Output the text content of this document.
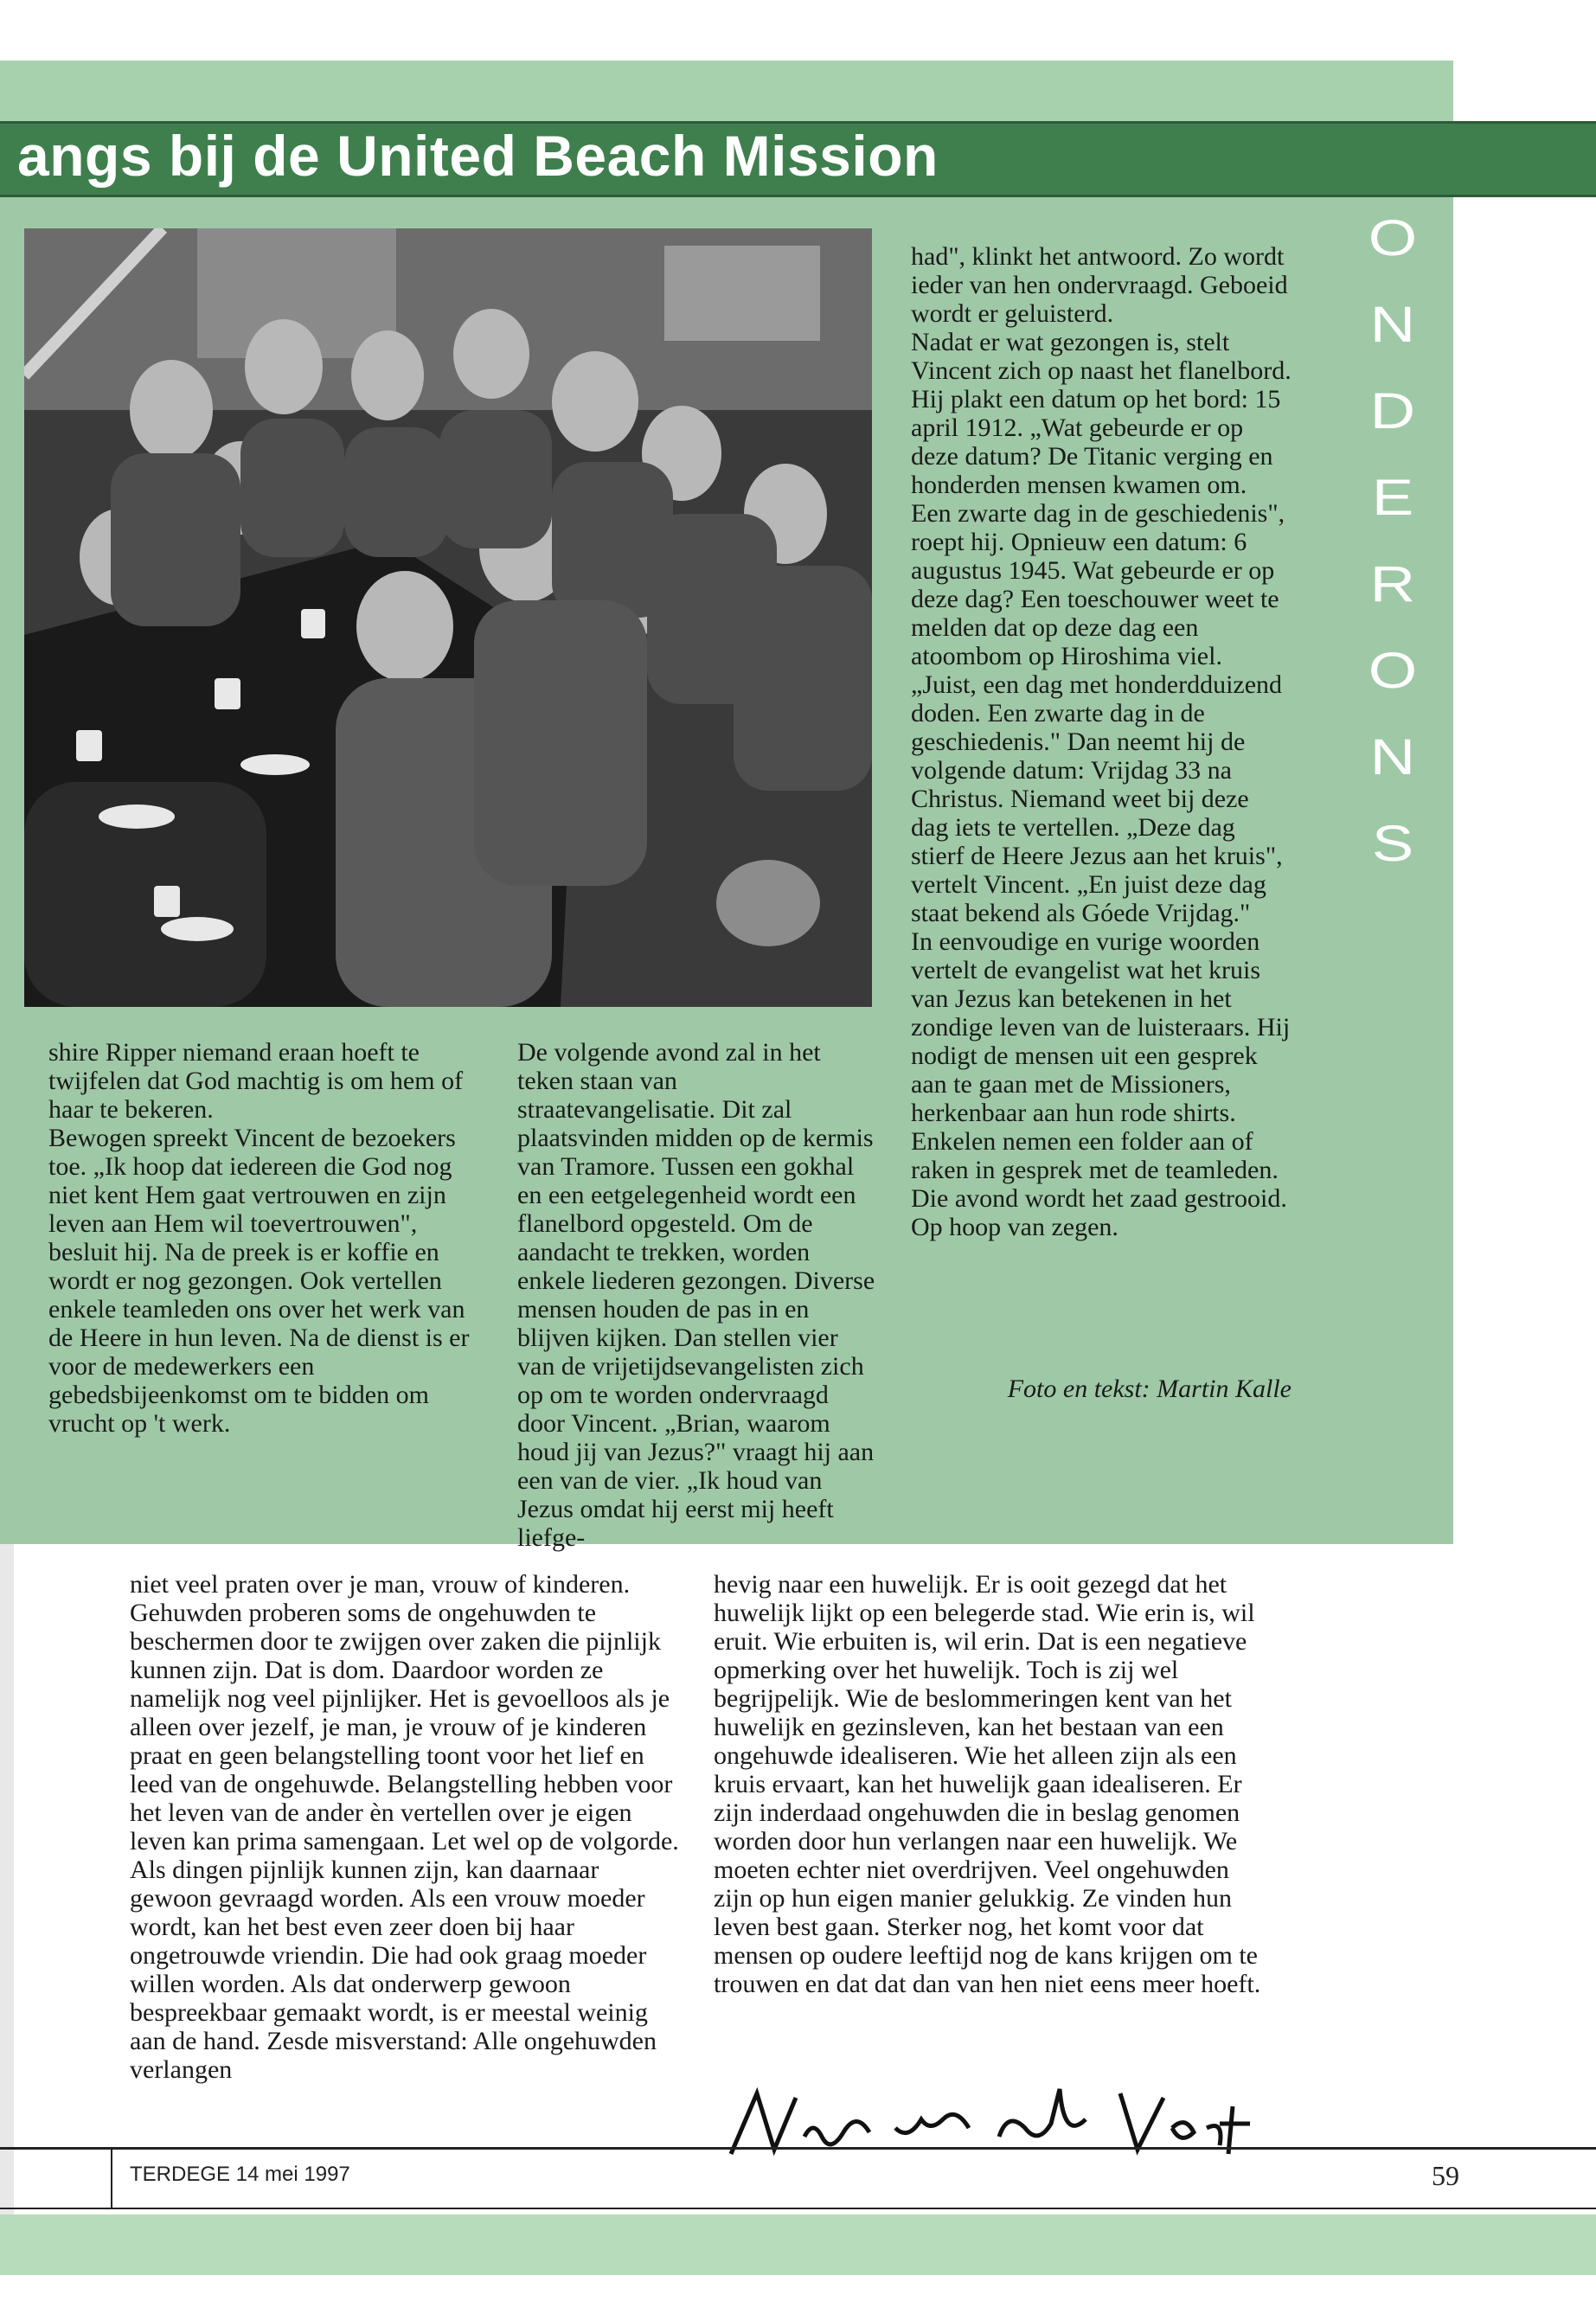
angs bij de United Beach Mission
O
N
D
E
R
O
N
S

shire Ripper niemand eraan hoeft te twijfelen dat God machtig is om hem of haar te bekeren.

Bewogen spreekt Vincent de bezoekers toe. „Ik hoop dat iedereen die God nog niet kent Hem gaat vertrouwen en zijn leven aan Hem wil toevertrouwen", besluit hij. Na de preek is er koffie en wordt er nog gezongen. Ook vertellen enkele teamleden ons over het werk van de Heere in hun leven. Na de dienst is er voor de medewerkers een gebedsbijeenkomst om te bidden om vrucht op 't werk.

De volgende avond zal in het teken staan van straatevangelisatie. Dit zal plaatsvinden midden op de kermis van Tramore. Tussen een gokhal en een eetgelegenheid wordt een flanelbord opgesteld. Om de aandacht te trekken, worden enkele liederen gezongen. Diverse mensen houden de pas in en blijven kijken. Dan stellen vier van de vrijetijdsevangelisten zich op om te worden ondervraagd door Vincent. „Brian, waarom houd jij van Jezus?" vraagt hij aan een van de vier. „Ik houd van Jezus omdat hij eerst mij heeft liefge-

had", klinkt het antwoord. Zo wordt ieder van hen ondervraagd. Geboeid wordt er geluisterd.

Nadat er wat gezongen is, stelt Vincent zich op naast het flanelbord. Hij plakt een datum op het bord: 15 april 1912. „Wat gebeurde er op deze datum? De Titanic verging en honderden mensen kwamen om. Een zwarte dag in de geschiedenis", roept hij. Opnieuw een datum: 6 augustus 1945. Wat gebeurde er op deze dag? Een toeschouwer weet te melden dat op deze dag een atoombom op Hiroshima viel. „Juist, een dag met honderdduizend doden. Een zwarte dag in de geschiedenis." Dan neemt hij de volgende datum: Vrijdag 33 na Christus. Niemand weet bij deze dag iets te vertellen. „Deze dag stierf de Heere Jezus aan het kruis", vertelt Vincent. „En juist deze dag staat bekend als Góede Vrijdag."

In eenvoudige en vurige woorden vertelt de evangelist wat het kruis van Jezus kan betekenen in het zondige leven van de luisteraars. Hij nodigt de mensen uit een gesprek aan te gaan met de Missioners, herkenbaar aan hun rode shirts. Enkelen nemen een folder aan of raken in gesprek met de teamleden. Die avond wordt het zaad gestrooid. Op hoop van zegen.

Foto en tekst: Martin Kalle
niet veel praten over je man, vrouw of kinderen. Gehuwden proberen soms de ongehuwden te beschermen door te zwijgen over zaken die pijnlijk kunnen zijn. Dat is dom. Daardoor worden ze namelijk nog veel pijnlijker. Het is gevoelloos als je alleen over jezelf, je man, je vrouw of je kinderen praat en geen belangstelling toont voor het lief en leed van de ongehuwde. Belangstelling hebben voor het leven van de ander èn vertellen over je eigen leven kan prima samengaan. Let wel op de volgorde. Als dingen pijnlijk kunnen zijn, kan daarnaar gewoon gevraagd worden. Als een vrouw moeder wordt, kan het best even zeer doen bij haar ongetrouwde vriendin. Die had ook graag moeder willen worden. Als dat onderwerp gewoon bespreekbaar gemaakt wordt, is er meestal weinig aan de hand. Zesde misverstand: Alle ongehuwden verlangen
hevig naar een huwelijk. Er is ooit gezegd dat het huwelijk lijkt op een belegerde stad. Wie erin is, wil eruit. Wie erbuiten is, wil erin. Dat is een negatieve opmerking over het huwelijk. Toch is zij wel begrijpelijk. Wie de beslommeringen kent van het huwelijk en gezinsleven, kan het bestaan van een ongehuwde idealiseren. Wie het alleen zijn als een kruis ervaart, kan het huwelijk gaan idealiseren. Er zijn inderdaad ongehuwden die in beslag genomen worden door hun verlangen naar een huwelijk. We moeten echter niet overdrijven. Veel ongehuwden zijn op hun eigen manier gelukkig. Ze vinden hun leven best gaan. Sterker nog, het komt voor dat mensen op oudere leeftijd nog de kans krijgen om te trouwen en dat dat dan van hen niet eens meer hoeft.
TERDEGE 14 mei 1997	59
